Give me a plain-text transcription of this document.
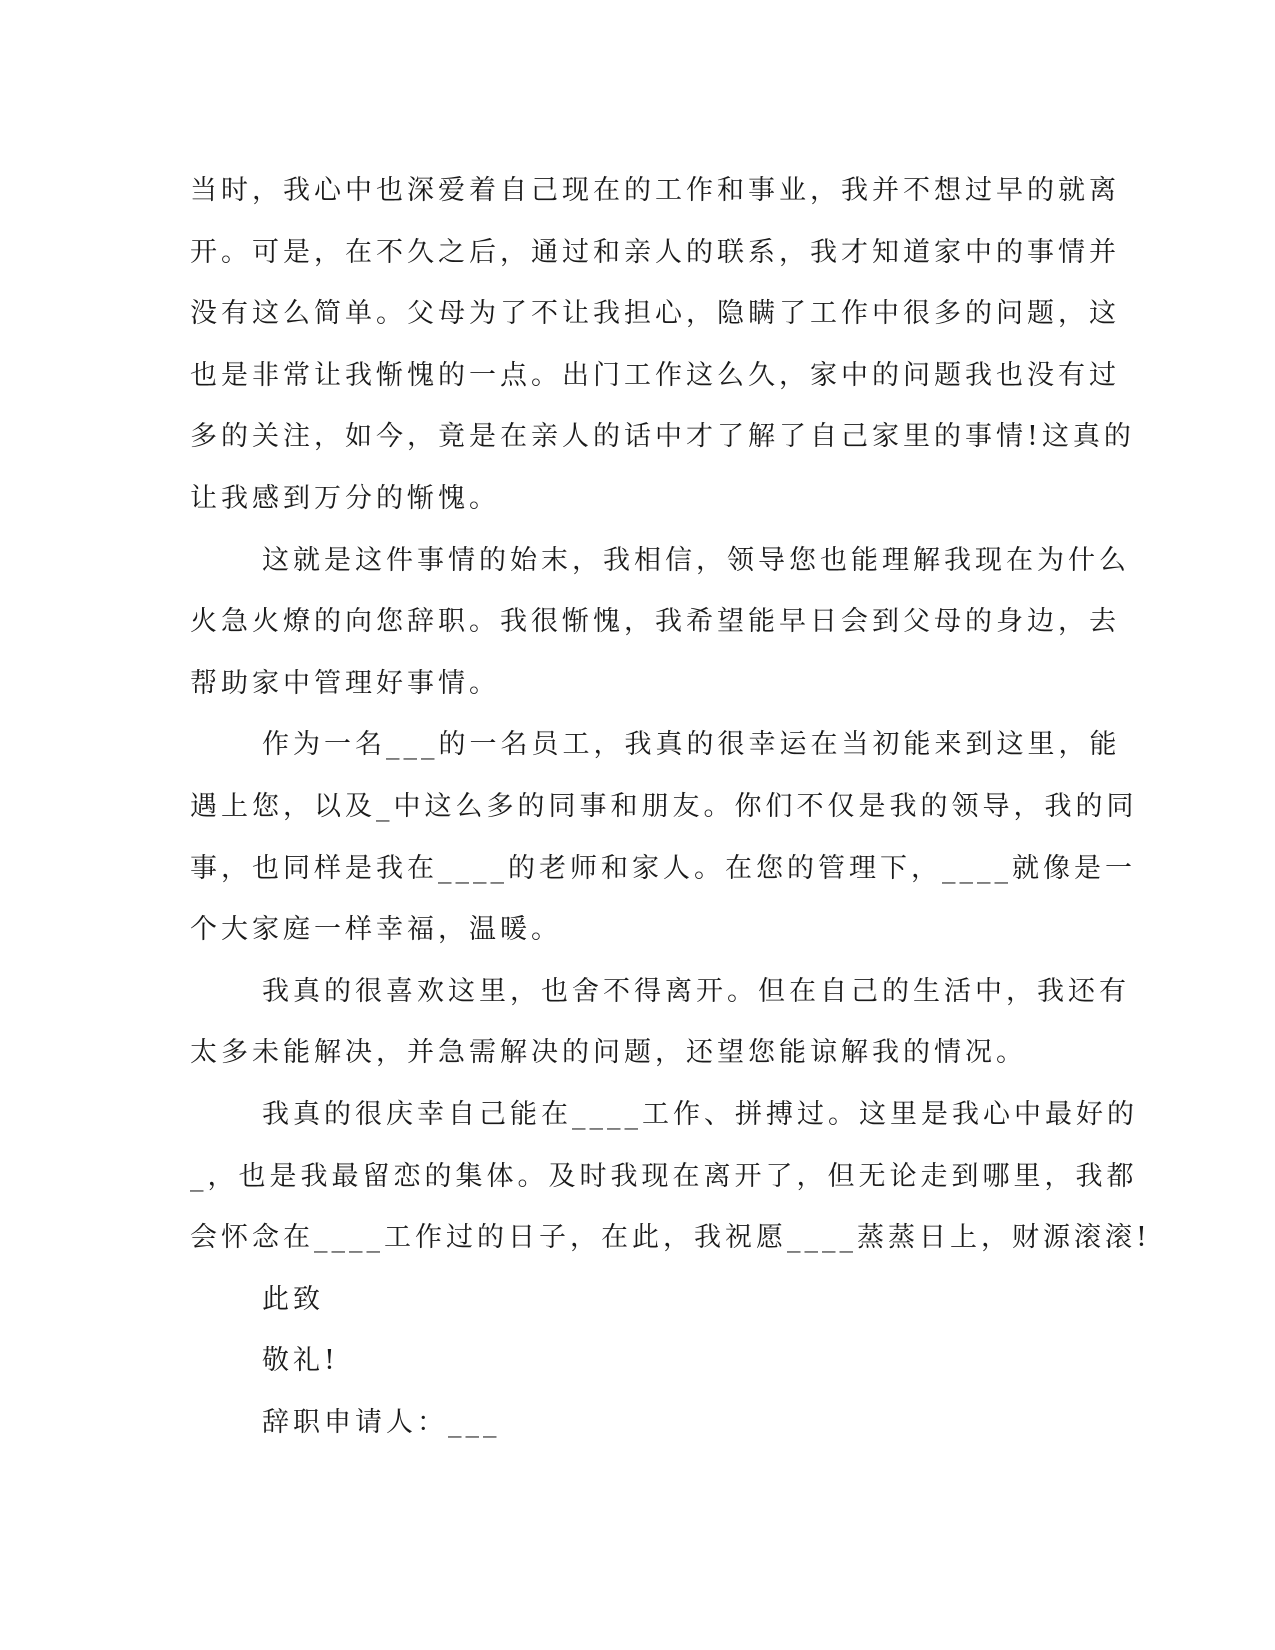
当时，我心中也深爱着自己现在的工作和事业，我并不想过早的就离
开。可是，在不久之后，通过和亲人的联系，我才知道家中的事情并
没有这么简单。父母为了不让我担心，隐瞒了工作中很多的问题，这
也是非常让我惭愧的一点。出门工作这么久，家中的问题我也没有过
多的关注，如今，竟是在亲人的话中才了解了自己家里的事情!这真的
让我感到万分的惭愧。
这就是这件事情的始末，我相信，领导您也能理解我现在为什么
火急火燎的向您辞职。我很惭愧，我希望能早日会到父母的身边，去
帮助家中管理好事情。
作为一名___的一名员工，我真的很幸运在当初能来到这里，能
遇上您，以及_中这么多的同事和朋友。你们不仅是我的领导，我的同
事，也同样是我在____的老师和家人。在您的管理下，____就像是一
个大家庭一样幸福，温暖。
我真的很喜欢这里，也舍不得离开。但在自己的生活中，我还有
太多未能解决，并急需解决的问题，还望您能谅解我的情况。
我真的很庆幸自己能在____工作、拼搏过。这里是我心中最好的
_，也是我最留恋的集体。及时我现在离开了，但无论走到哪里，我都
会怀念在____工作过的日子，在此，我祝愿____蒸蒸日上，财源滚滚!
此致
敬礼!
辞职申请人：___
